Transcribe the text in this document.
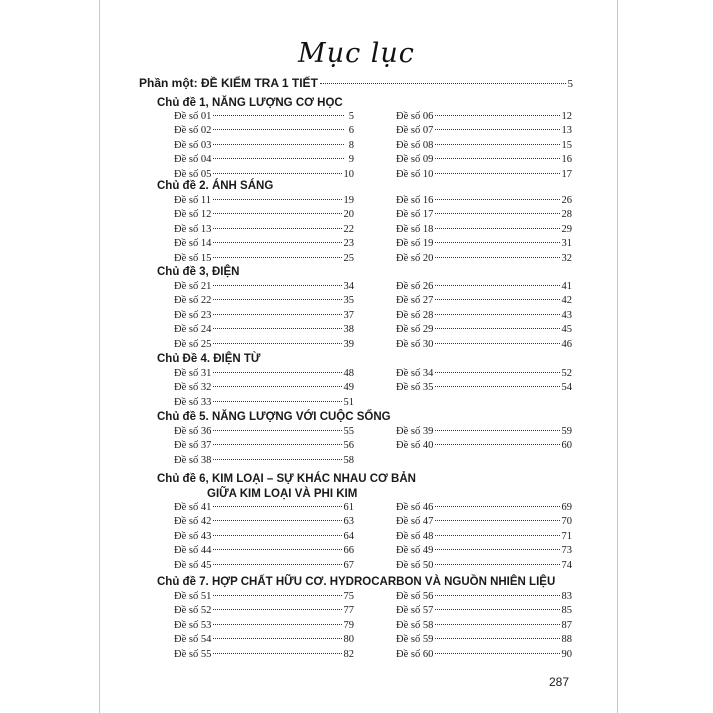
Mục lục
Phần một: ĐỀ KIỂM TRA 1 TIẾT	5
Chủ đề 1, NĂNG LƯỢNG CƠ HỌC
Đề số 01	5
Đề số 02	6
Đề số 03	8
Đề số 04	9
Đề số 05	10
Đề số 06	12
Đề số 07	13
Đề số 08	15
Đề số 09	16
Đề số 10	17
Chủ đề 2. ÁNH SÁNG
Đề số 11	19
Đề số 12	20
Đề số 13	22
Đề số 14	23
Đề số 15	25
Đề số 16	26
Đề số 17	28
Đề số 18	29
Đề số 19	31
Đề số 20	32
Chủ đề 3, ĐIỆN
Đề số 21	34
Đề số 22	35
Đề số 23	37
Đề số 24	38
Đề số 25	39
Đề số 26	41
Đề số 27	42
Đề số 28	43
Đề số 29	45
Đề số 30	46
Chủ Đề 4. ĐIỆN TỪ
Đề số 31	48
Đề số 32	49
Đề số 33	51
Đề số 34	52
Đề số 35	54
Chủ đề 5. NĂNG LƯỢNG VỚI CUỘC SỐNG
Đề số 36	55
Đề số 37	56
Đề số 38	58
Đề số 39	59
Đề số 40	60
Chủ đề 6, KIM LOẠI – SỰ KHÁC NHAU CƠ BẢN
GIỮA KIM LOẠI VÀ PHI KIM
Đề số 41	61
Đề số 42	63
Đề số 43	64
Đề số 44	66
Đề số 45	67
Đề số 46	69
Đề số 47	70
Đề số 48	71
Đề số 49	73
Đề số 50	74
Chủ đề 7. HỢP CHẤT HỮU CƠ. HYDROCARBON VÀ NGUỒN NHIÊN LIỆU
Đề số 51	75
Đề số 52	77
Đề số 53	79
Đề số 54	80
Đề số 55	82
Đề số 56	83
Đề số 57	85
Đề số 58	87
Đề số 59	88
Đề số 60	90
287
